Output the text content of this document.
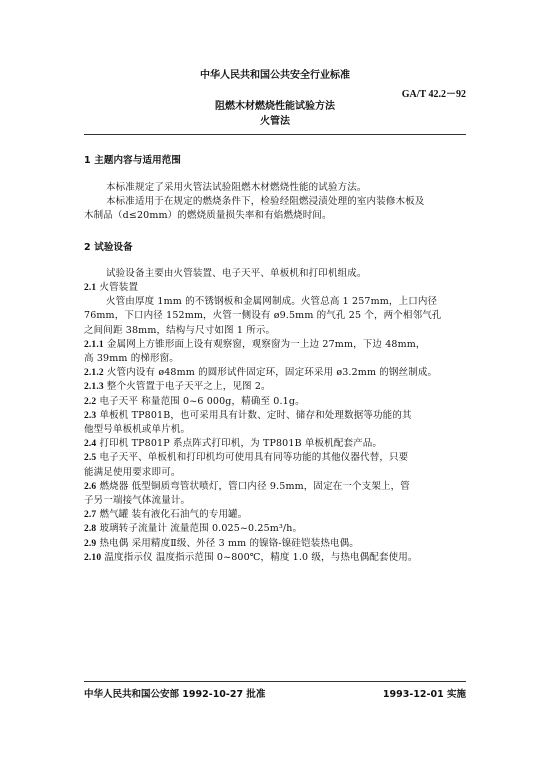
中华人民共和国公共安全行业标准
GA/T 42.2－92
阻燃木材燃烧性能试验方法
火管法
1 主题内容与适用范围
本标准规定了采用火管法试验阻燃木材燃烧性能的试验方法。
本标准适用于在规定的燃烧条件下，检验经阻燃浸渍处理的室内装修木板及
木制品（d≤20mm）的燃烧质量损失率和有焰燃烧时间。
2 试验设备
试验设备主要由火管装置、电子天平、单板机和打印机组成。
2.1 火管装置
火管由厚度 1mm 的不锈钢板和金属网制成。火管总高 1 257mm，上口内径
76mm，下口内径 152mm，火管一侧设有 ø9.5mm 的气孔 25 个，两个相邻气孔
之间间距 38mm，结构与尺寸如图 1 所示。
2.1.1 金属网上方锥形面上设有观察窗，观察窗为一上边 27mm，下边 48mm，
高 39mm 的梯形窗。
2.1.2 火管内设有 ø48mm 的圆形试件固定环，固定环采用 ø3.2mm 的钢丝制成。
2.1.3 整个火管置于电子天平之上，见图 2。
2.2 电子天平 称量范围 0~6 000g，精确至 0.1g。
2.3 单板机 TP801B，也可采用具有计数、定时、储存和处理数据等功能的其
他型号单板机或单片机。
2.4 打印机 TP801P 系点阵式打印机，为 TP801B 单板机配套产品。
2.5 电子天平、单板机和打印机均可使用具有同等功能的其他仪器代替，只要
能满足使用要求即可。
2.6 燃烧器 低型铜质弯管状喷灯，管口内径 9.5mm，固定在一个支架上，管
子另一端接气体流量计。
2.7 燃气罐 装有液化石油气的专用罐。
2.8 玻璃转子流量计 流量范围 0.025~0.25m³/h。
2.9 热电偶 采用精度Ⅱ级、外径 3 mm 的镍铬-镍硅铠装热电偶。
2.10 温度指示仪 温度指示范围 0~800℃，精度 1.0 级，与热电偶配套使用。
中华人民共和国公安部 1992-10-27 批准	1993-12-01 实施
